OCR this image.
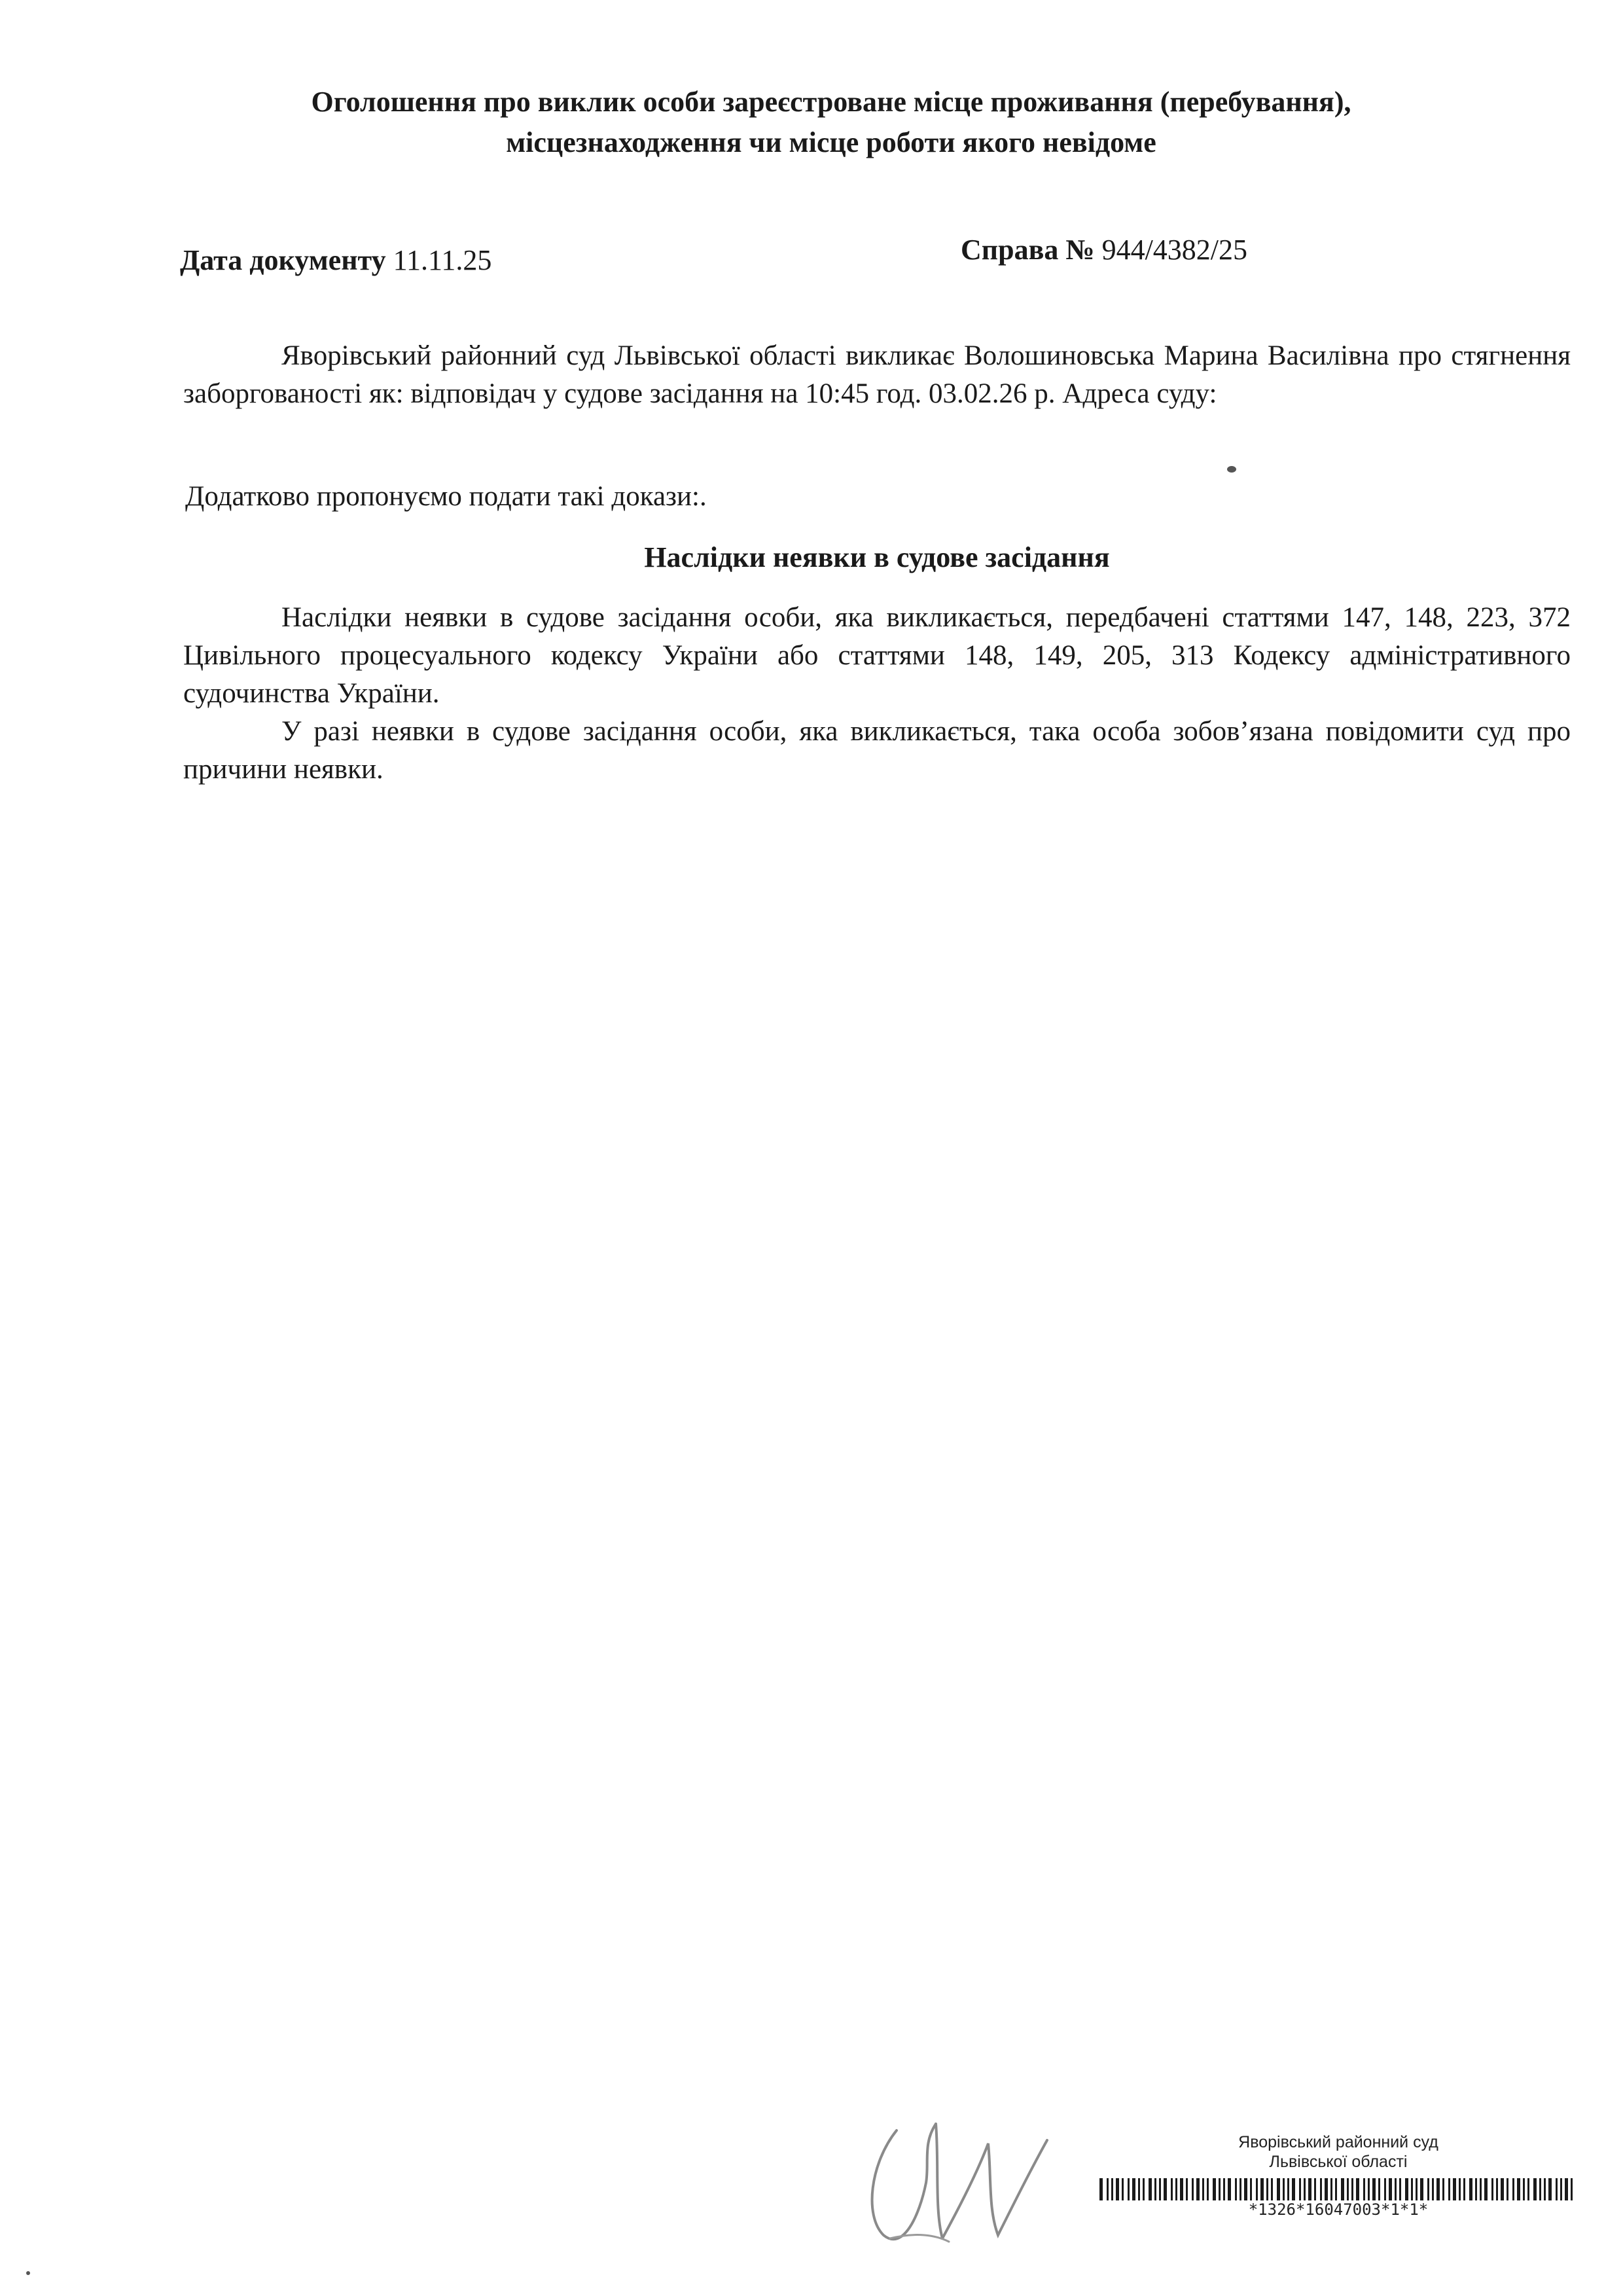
Оголошення про виклик особи зареєстроване місце проживання (перебування),
місцезнаходження чи місце роботи якого невідоме
Дата документу 11.11.25	Справа № 944/4382/25

Яворівський районний суд Львівської області викликає Волошиновська Марина Василівна про стягнення заборгованості як: відповідач у судове засідання на 10:45 год. 03.02.26 р. Адреса суду:

Додатково пропонуємо подати такі докази:.
Наслідки неявки в судове засідання

Наслідки неявки в судове засідання особи, яка викликається, передбачені статтями 147, 148, 223, 372 Цивільного процесуального кодексу України або статтями 148, 149, 205, 313 Кодексу адміністративного судочинства України.

У разі неявки в судове засідання особи, яка викликається, така особа зобов’язана повідомити суд про причини неявки.

Яворівський районний суд
Львівської області
*1326*16047003*1*1*
